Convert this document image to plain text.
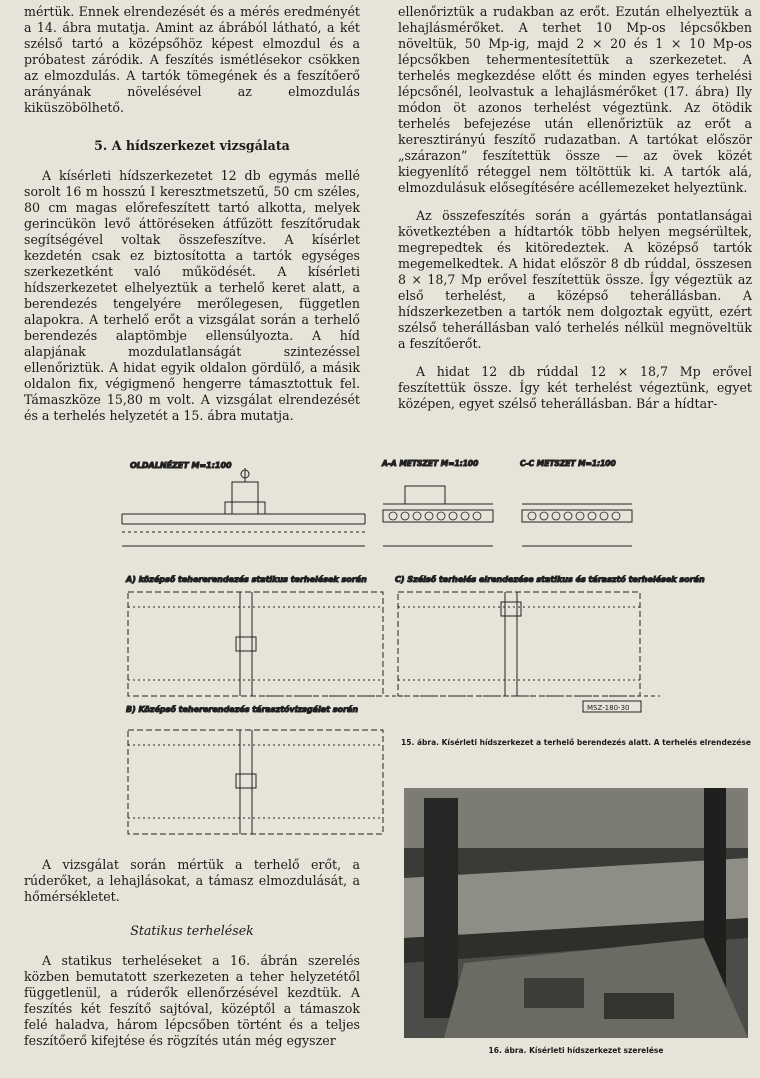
mértük. Ennek elrendezését és a mérés eredményét a 14. ábra mutatja. Amint az ábrából látható, a két szélső tartó a középsőhöz képest elmozdul és a próbatest záródik. A feszítés ismétlésekor csökken az elmozdulás. A tartók tömegének és a feszítőerő arányának növelésével az elmozdulás kiküszöbölhető.

5. A hídszerkezet vizsgálata

A kísérleti hídszerkezetet 12 db egymás mellé sorolt 16 m hosszú I keresztmetszetű, 50 cm széles, 80 cm magas előrefeszített tartó alkotta, melyek gerincükön levő áttöréseken átfűzött feszítőrudak segítségével voltak összefeszítve. A kísérlet kezdetén csak ez biztosította a tartók egységes szerkezetként való működését. A kísérleti hídszerkezetet elhelyeztük a terhelő keret alatt, a berendezés tengelyére merőlegesen, független alapokra. A terhelő erőt a vizsgálat során a terhelő berendezés alaptömbje ellensúlyozta. A híd alapjának mozdulatlanságát szintezéssel ellenőriztük. A hidat egyik oldalon gördülő, a másik oldalon fix, végigmenő hengerre támasztottuk fel. Támaszköze 15,80 m volt. A vizsgálat elrendezését és a terhelés helyzetét a 15. ábra mutatja.

ellenőriztük a rudakban az erőt. Ezután elhelyeztük a lehajlásmérőket. A terhet 10 Mp-os lépcsőkben növeltük, 50 Mp-ig, majd 2 × 20 és 1 × 10 Mp-os lépcsőkben tehermentesítettük a szerkezetet. A terhelés megkezdése előtt és minden egyes terhelési lépcsőnél, leolvastuk a lehajlásmérőket (17. ábra) Ily módon öt azonos terhelést végeztünk. Az ötödik terhelés befejezése után ellenőriztük az erőt a keresztirányú feszítő rudazatban. A tartókat először „szárazon” feszítettük össze — az övek közét kiegyenlítő réteggel nem töltöttük ki. A tartók alá, elmozdulásuk elősegítésére acéllemezeket helyeztünk.

Az összefeszítés során a gyártás pontatlanságai következtében a hídtartók több helyen megsérültek, megrepedtek és kitöredeztek. A középső tartók megemelkedtek. A hidat először 8 db rúddal, összesen 8 × 18,7 Mp erővel feszítettük össze. Így végeztük az első terhelést, a középső teherállásban. A hídszerkezetben a tartók nem dolgoztak együtt, ezért szélső teherállásban való terhelés nélkül megnöveltük a feszítőerőt.

A hidat 12 db rúddal 12 × 18,7 Mp erővel feszítettük össze. Így két terhelést végeztünk, egyet középen, egyet szélső teherállásban. Bár a hídtar-

OLDALNÉZET M=1:100	A-A METSZET M=1:100	C-C METSZET M=1:100
A) középső tehererendezés statikus terhelések során	C) Szélső terhelés elrendezése statikus és tárasztó terhelések során
MSZ-180-30
B) Középső tehererendezés tárasztóvizsgálat során
15. ábra. Kísérleti hídszerkezet a terhelő berendezés alatt. A terhelés elrendezése
16. ábra. Kísérleti hídszerkezet szerelése

A vizsgálat során mértük a terhelő erőt, a rúderőket, a lehajlásokat, a támasz elmozdulását, a hőmérsékletet.

Statikus terhelések

A statikus terheléseket a 16. ábrán szerelés közben bemutatott szerkezeten a teher helyzetétől függetlenül, a rúderők ellenőrzésével kezdtük. A feszítés két feszítő sajtóval, középtől a támaszok felé haladva, három lépcsőben történt és a teljes feszítőerő kifejtése és rögzítés után még egyszer
